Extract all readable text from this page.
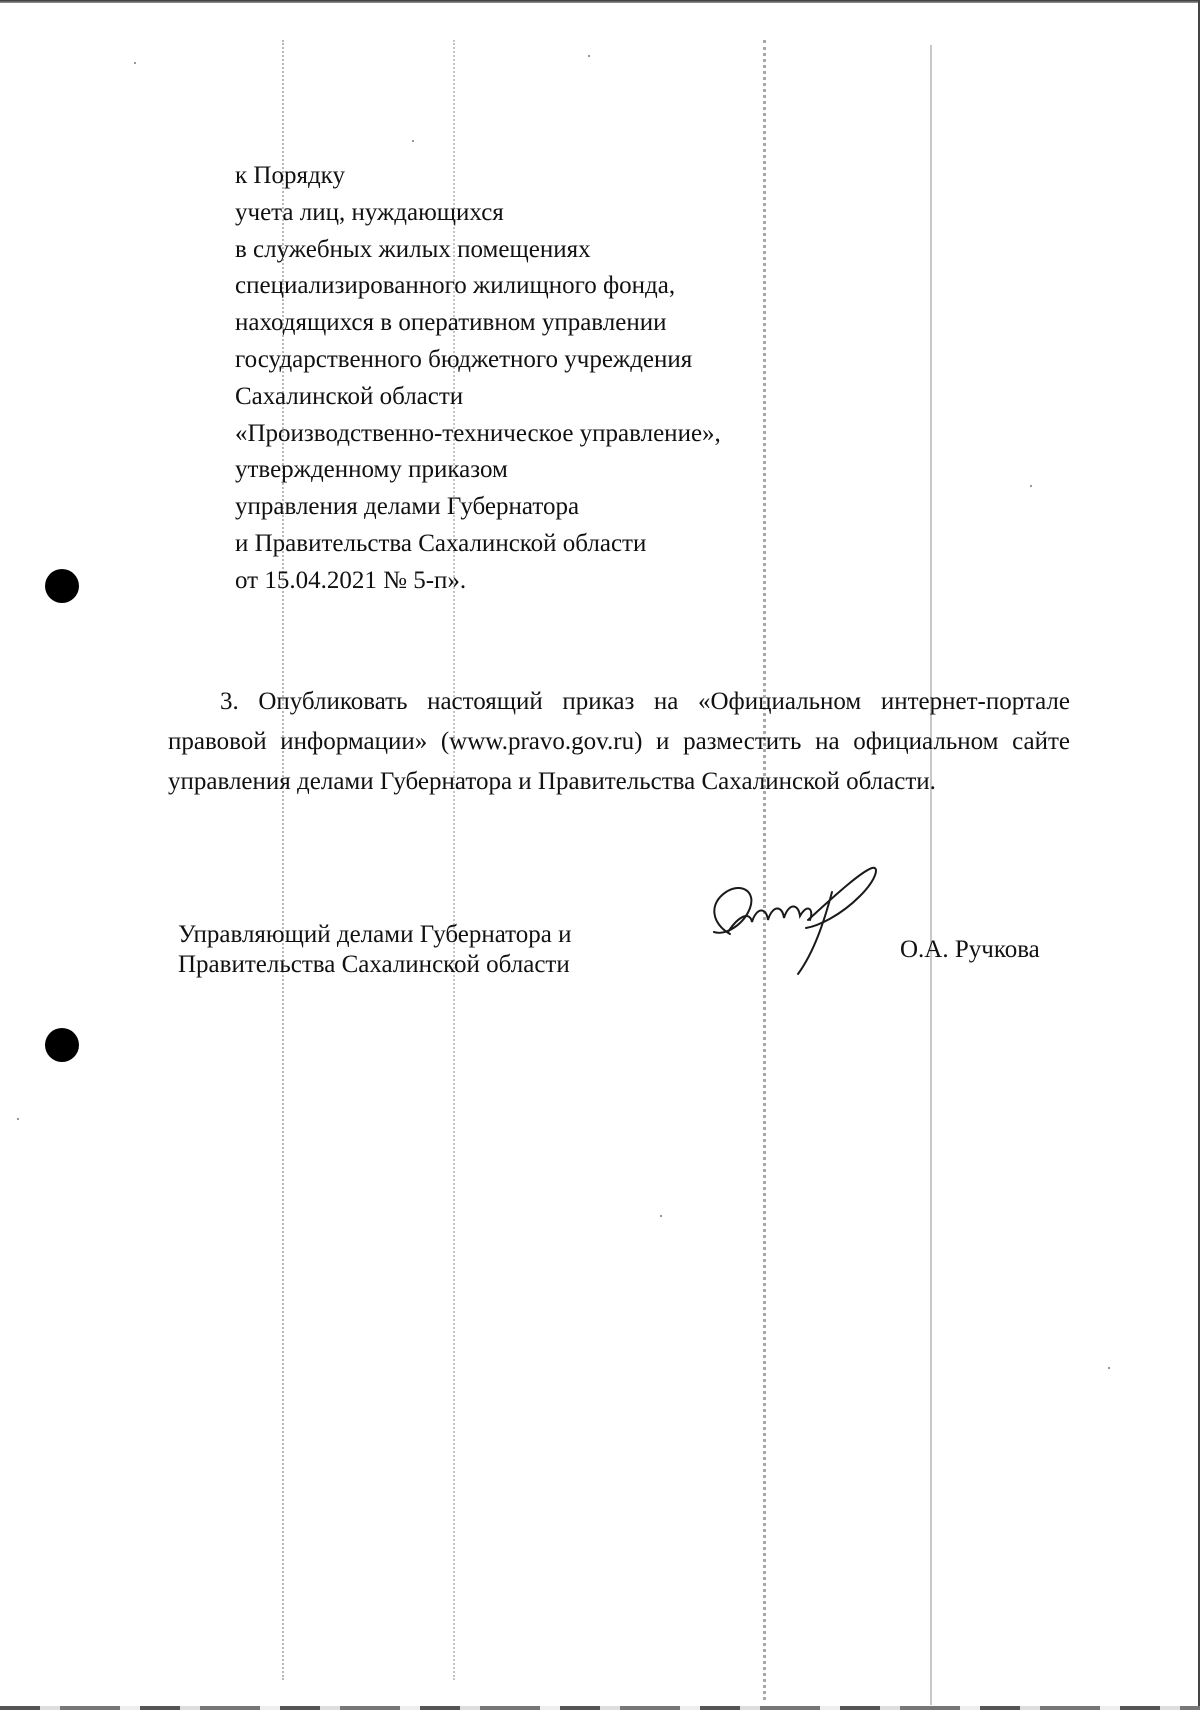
к Порядку
учета лиц, нуждающихся
в служебных жилых помещениях
специализированного жилищного фонда,
находящихся в оперативном управлении
государственного бюджетного учреждения
Сахалинской области
«Производственно-техническое управление»,
утвержденному приказом
управления делами Губернатора
и Правительства Сахалинской области
от 15.04.2021 № 5-п».

3. Опубликовать настоящий приказ на «Официальном интернет-портале правовой информации» (www.pravo.gov.ru) и разместить на официальном сайте управления делами Губернатора и Правительства Сахалинской области.

Управляющий делами Губернатора и
Правительства Сахалинской области
О.А. Ручкова
